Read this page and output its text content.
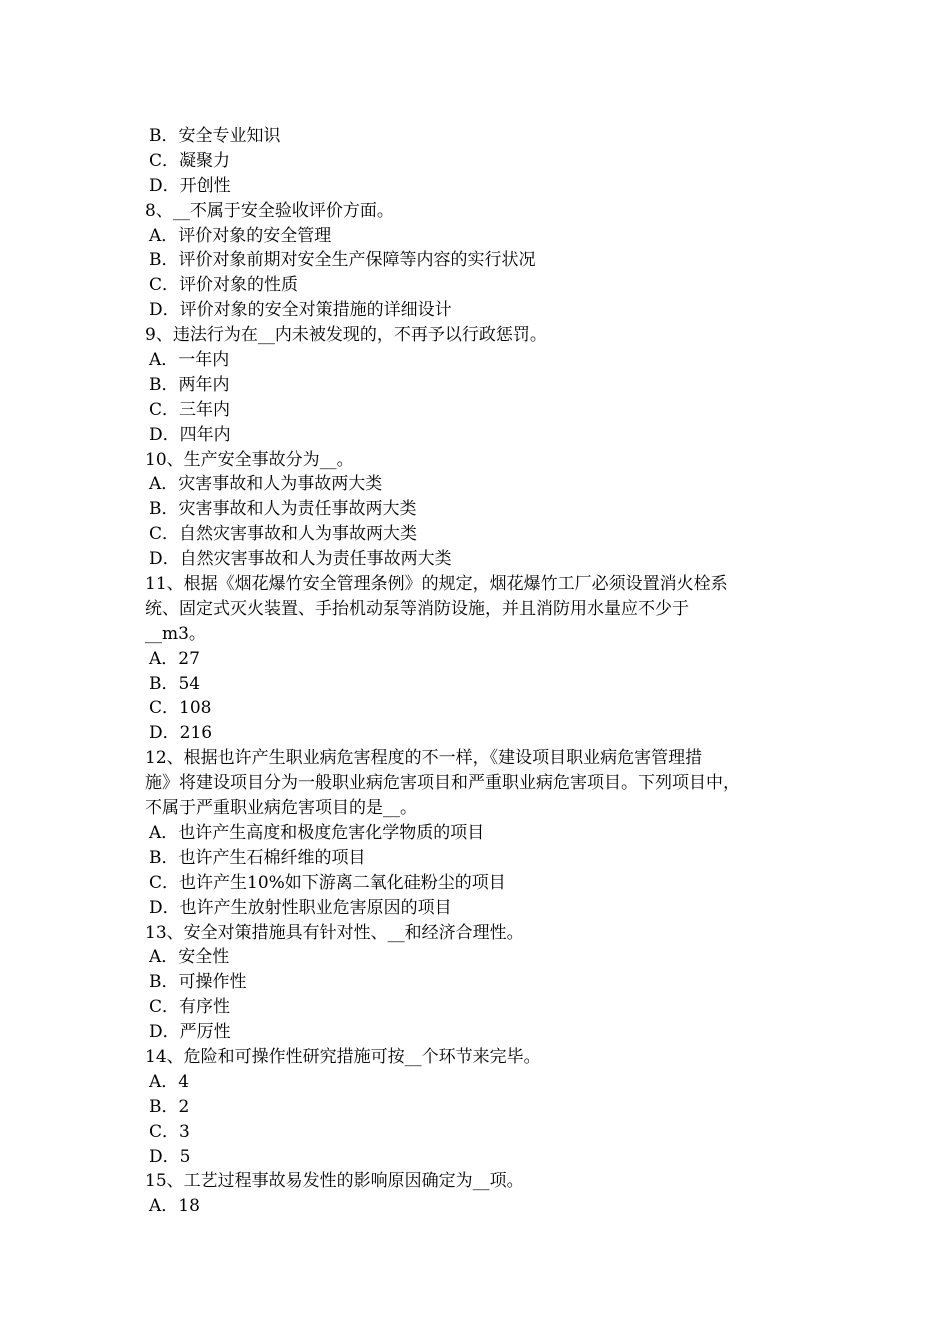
B．安全专业知识
C．凝聚力
D．开创性
8、__不属于安全验收评价方面。
A．评价对象的安全管理
B．评价对象前期对安全生产保障等内容的实行状况
C．评价对象的性质
D．评价对象的安全对策措施的详细设计
9、违法行为在__内未被发现的，不再予以行政惩罚。
A．一年内
B．两年内
C．三年内
D．四年内
10、生产安全事故分为__。
A．灾害事故和人为事故两大类
B．灾害事故和人为责任事故两大类
C．自然灾害事故和人为事故两大类
D．自然灾害事故和人为责任事故两大类
11、根据《烟花爆竹安全管理条例》的规定，烟花爆竹工厂必须设置消火栓系
统、固定式灭火装置、手抬机动泵等消防设施，并且消防用水量应不少于
__m3。
A．27
B．54
C．108
D．216
12、根据也许产生职业病危害程度的不一样，《建设项目职业病危害管理措
施》将建设项目分为一般职业病危害项目和严重职业病危害项目。下列项目中，
不属于严重职业病危害项目的是__。
A．也许产生高度和极度危害化学物质的项目
B．也许产生石棉纤维的项目
C．也许产生10%如下游离二氧化硅粉尘的项目
D．也许产生放射性职业危害原因的项目
13、安全对策措施具有针对性、__和经济合理性。
A．安全性
B．可操作性
C．有序性
D．严厉性
14、危险和可操作性研究措施可按__个环节来完毕。
A．4
B．2
C．3
D．5
15、工艺过程事故易发性的影响原因确定为__项。
A．18
